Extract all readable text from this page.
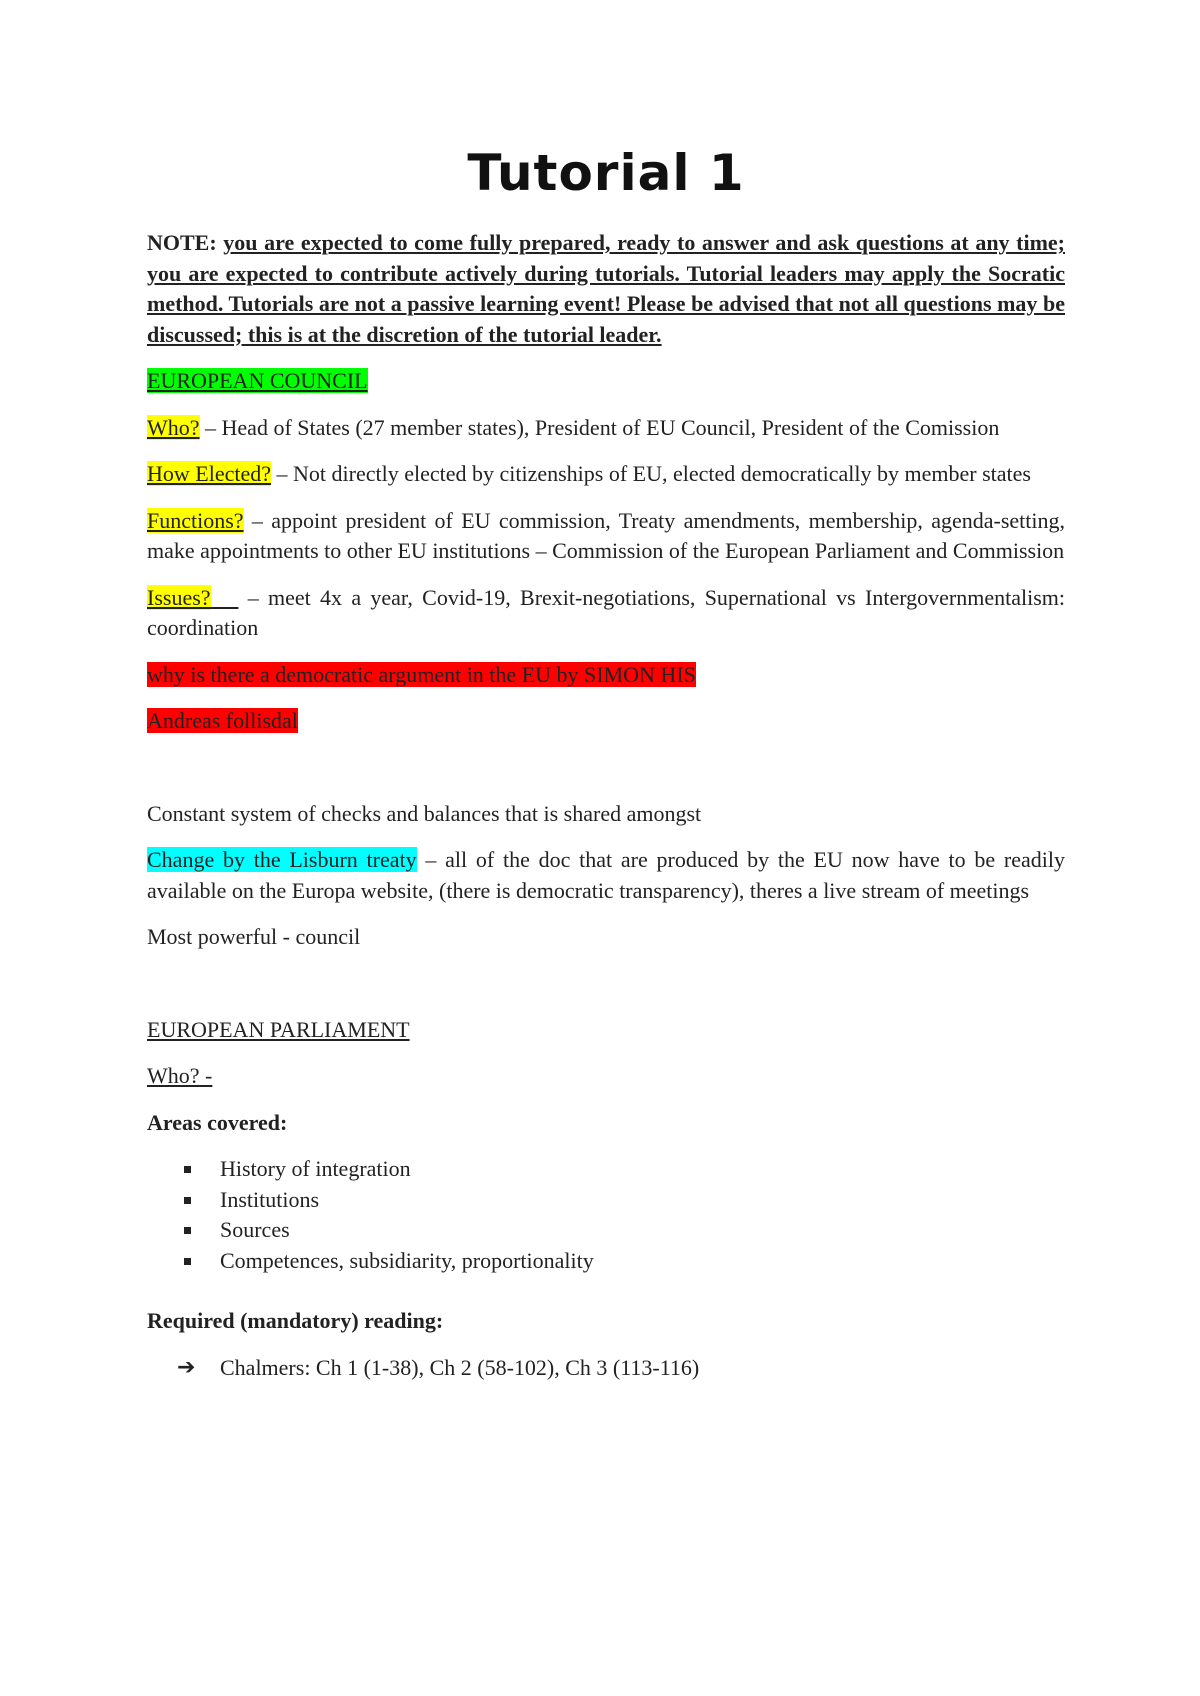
Tutorial 1

NOTE: you are expected to come fully prepared, ready to answer and ask questions at any time; you are expected to contribute actively during tutorials. Tutorial leaders may apply the Socratic method. Tutorials are not a passive learning event! Please be advised that not all questions may be discussed; this is at the discretion of the tutorial leader.

EUROPEAN COUNCIL

Who? – Head of States (27 member states), President of EU Council, President of the Comission

How Elected? – Not directly elected by citizenships of EU, elected democratically by member states

Functions? – appoint president of EU commission, Treaty amendments, membership, agenda-setting, make appointments to other EU institutions – Commission of the European Parliament and Commission

Issues?    – meet 4x a year, Covid-19, Brexit-negotiations, Supernational vs Intergovernmentalism: coordination

why is there a democratic argument in the EU by SIMON HIS

Andreas follisdal

Constant system of checks and balances that is shared amongst

Change by the Lisburn treaty – all of the doc that are produced by the EU now have to be readily available on the Europa website, (there is democratic transparency), theres a live stream of meetings

Most powerful - council

EUROPEAN PARLIAMENT

Who? -

Areas covered:

History of integration
Institutions
Sources
Competences, subsidiarity, proportionality

Required (mandatory) reading:

➔ Chalmers: Ch 1 (1-38), Ch 2 (58-102), Ch 3 (113-116)
